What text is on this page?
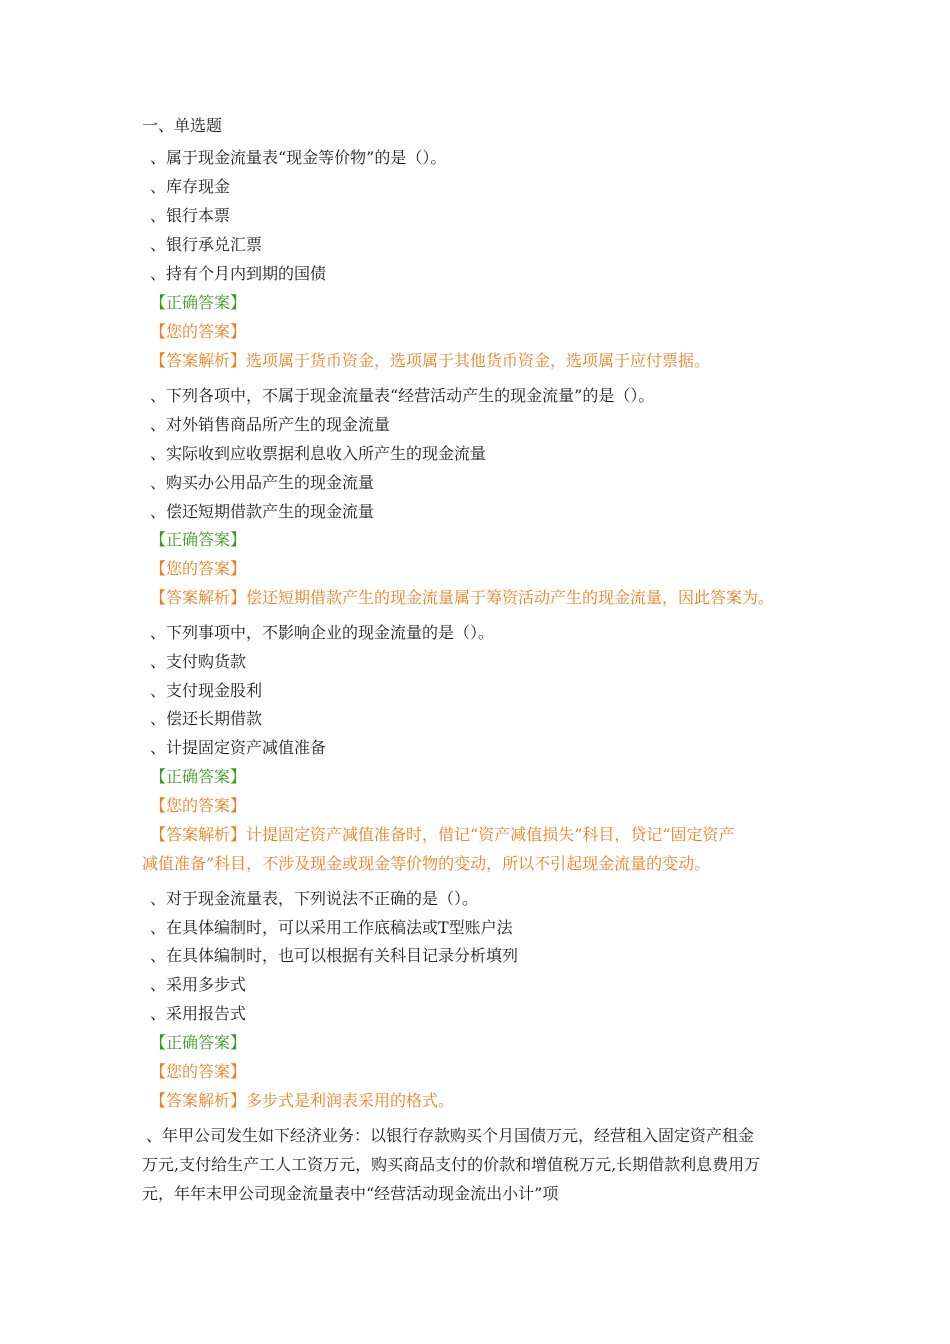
一、单选题
、属于现金流量表“现金等价物”的是（）。
、库存现金
、银行本票
、银行承兑汇票
、持有个月内到期的国债
【正确答案】
【您的答案】
【答案解析】选项属于货币资金，选项属于其他货币资金，选项属于应付票据。
、下列各项中，不属于现金流量表“经营活动产生的现金流量”的是（）。
、对外销售商品所产生的现金流量
、实际收到应收票据利息收入所产生的现金流量
、购买办公用品产生的现金流量
、偿还短期借款产生的现金流量
【正确答案】
【您的答案】
【答案解析】偿还短期借款产生的现金流量属于筹资活动产生的现金流量，因此答案为。
、下列事项中，不影响企业的现金流量的是（）。
、支付购货款
、支付现金股利
、偿还长期借款
、计提固定资产减值准备
【正确答案】
【您的答案】
【答案解析】计提固定资产减值准备时，借记“资产减值损失”科目，贷记“固定资产
减值准备”科目，不涉及现金或现金等价物的变动，所以不引起现金流量的变动。
、对于现金流量表，下列说法不正确的是（）。
、在具体编制时，可以采用工作底稿法或T型账户法
、在具体编制时，也可以根据有关科目记录分析填列
、采用多步式
、采用报告式
【正确答案】
【您的答案】
【答案解析】多步式是利润表采用的格式。
、年甲公司发生如下经济业务：以银行存款购买个月国债万元，经营租入固定资产租金
万元,支付给生产工人工资万元，购买商品支付的价款和增值税万元,长期借款利息费用万
元，年年末甲公司现金流量表中“经营活动现金流出小计”项
